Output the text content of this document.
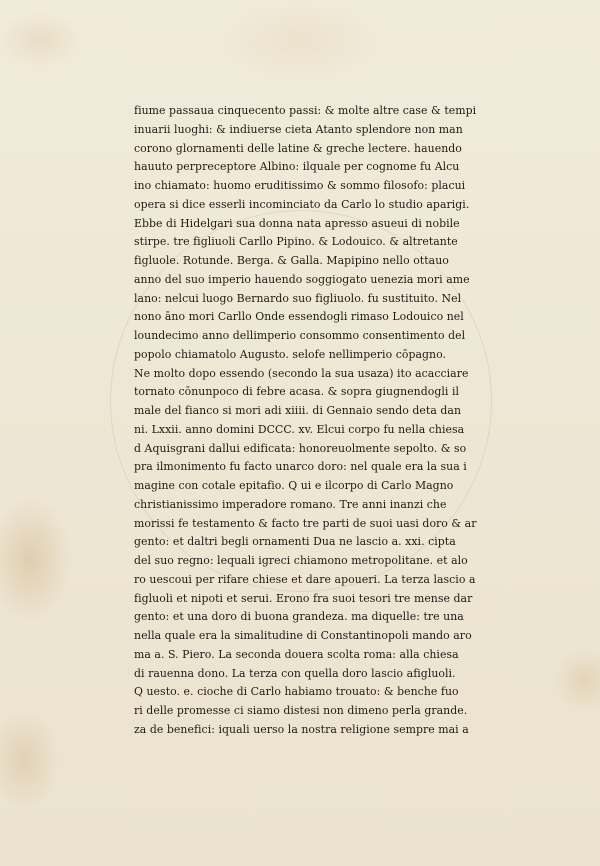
fiume passaua cinquecento passi: & molte altre case & tempi
inuarii luoghi: & indiuerse cieta Atanto splendore non man
corono glornamenti delle latine & greche lectere. hauendo
hauuto perpreceptore Albino: ilquale per cognome fu Alcu
ino chiamato: huomo eruditissimo & sommo filosofo: placui
opera si dice esserli incominciato da Carlo lo studio aparigi.
Ebbe di Hidelgari sua donna nata apresso asueui di nobile
stirpe. tre figliuoli Carllo Pipino. & Lodouico. & altretante
figluole. Rotunde. Berga. & Galla. Mapipino nello ottauo
anno del suo imperio hauendo soggiogato uenezia mori ame
lano: nelcui luogo Bernardo suo figliuolo. fu sustituito. Nel
nono āno mori Carllo Onde essendogli rimaso Lodouico nel
loundecimo anno dellimperio consommo consentimento del
popolo chiamatolo Augusto. selofe nellimperio cōpagno.
Ne molto dopo essendo (secondo la sua usaza) ito acacciare
tornato cōnunpoco di febre acasa. & sopra giugnendogli il
male del fianco si mori adi xiiii. di Gennaio sendo deta dan
ni. Lxxii. anno domini DCCC. xv. Elcui corpo fu nella chiesa
d Aquisgrani dallui edificata: honoreuolmente sepolto. & so
pra ilmonimento fu facto unarco doro: nel quale era la sua i
magine con cotale epitafio. Q ui e ilcorpo di Carlo Magno
christianissimo imperadore romano. Tre anni inanzi che
morissi fe testamento & facto tre parti de suoi uasi doro & ar
gento: et daltri begli ornamenti Dua ne lascio a. xxi. cipta
del suo regno: lequali igreci chiamono metropolitane. et alo
ro uescoui per rifare chiese et dare apoueri. La terza lascio a
figluoli et nipoti et serui. Erono fra suoi tesori tre mense dar
gento: et una doro di buona grandeza. ma diquelle: tre una
nella quale era la simalitudine di Constantinopoli mando aro
ma a. S. Piero. La seconda douera scolta roma: alla chiesa
di rauenna dono. La terza con quella doro lascio afigluoli.
Q uesto. e. cioche di Carlo habiamo trouato: & benche fuo
ri delle promesse ci siamo distesi non dimeno perla grande.
za de benefici: iquali uerso la nostra religione sempre mai a
